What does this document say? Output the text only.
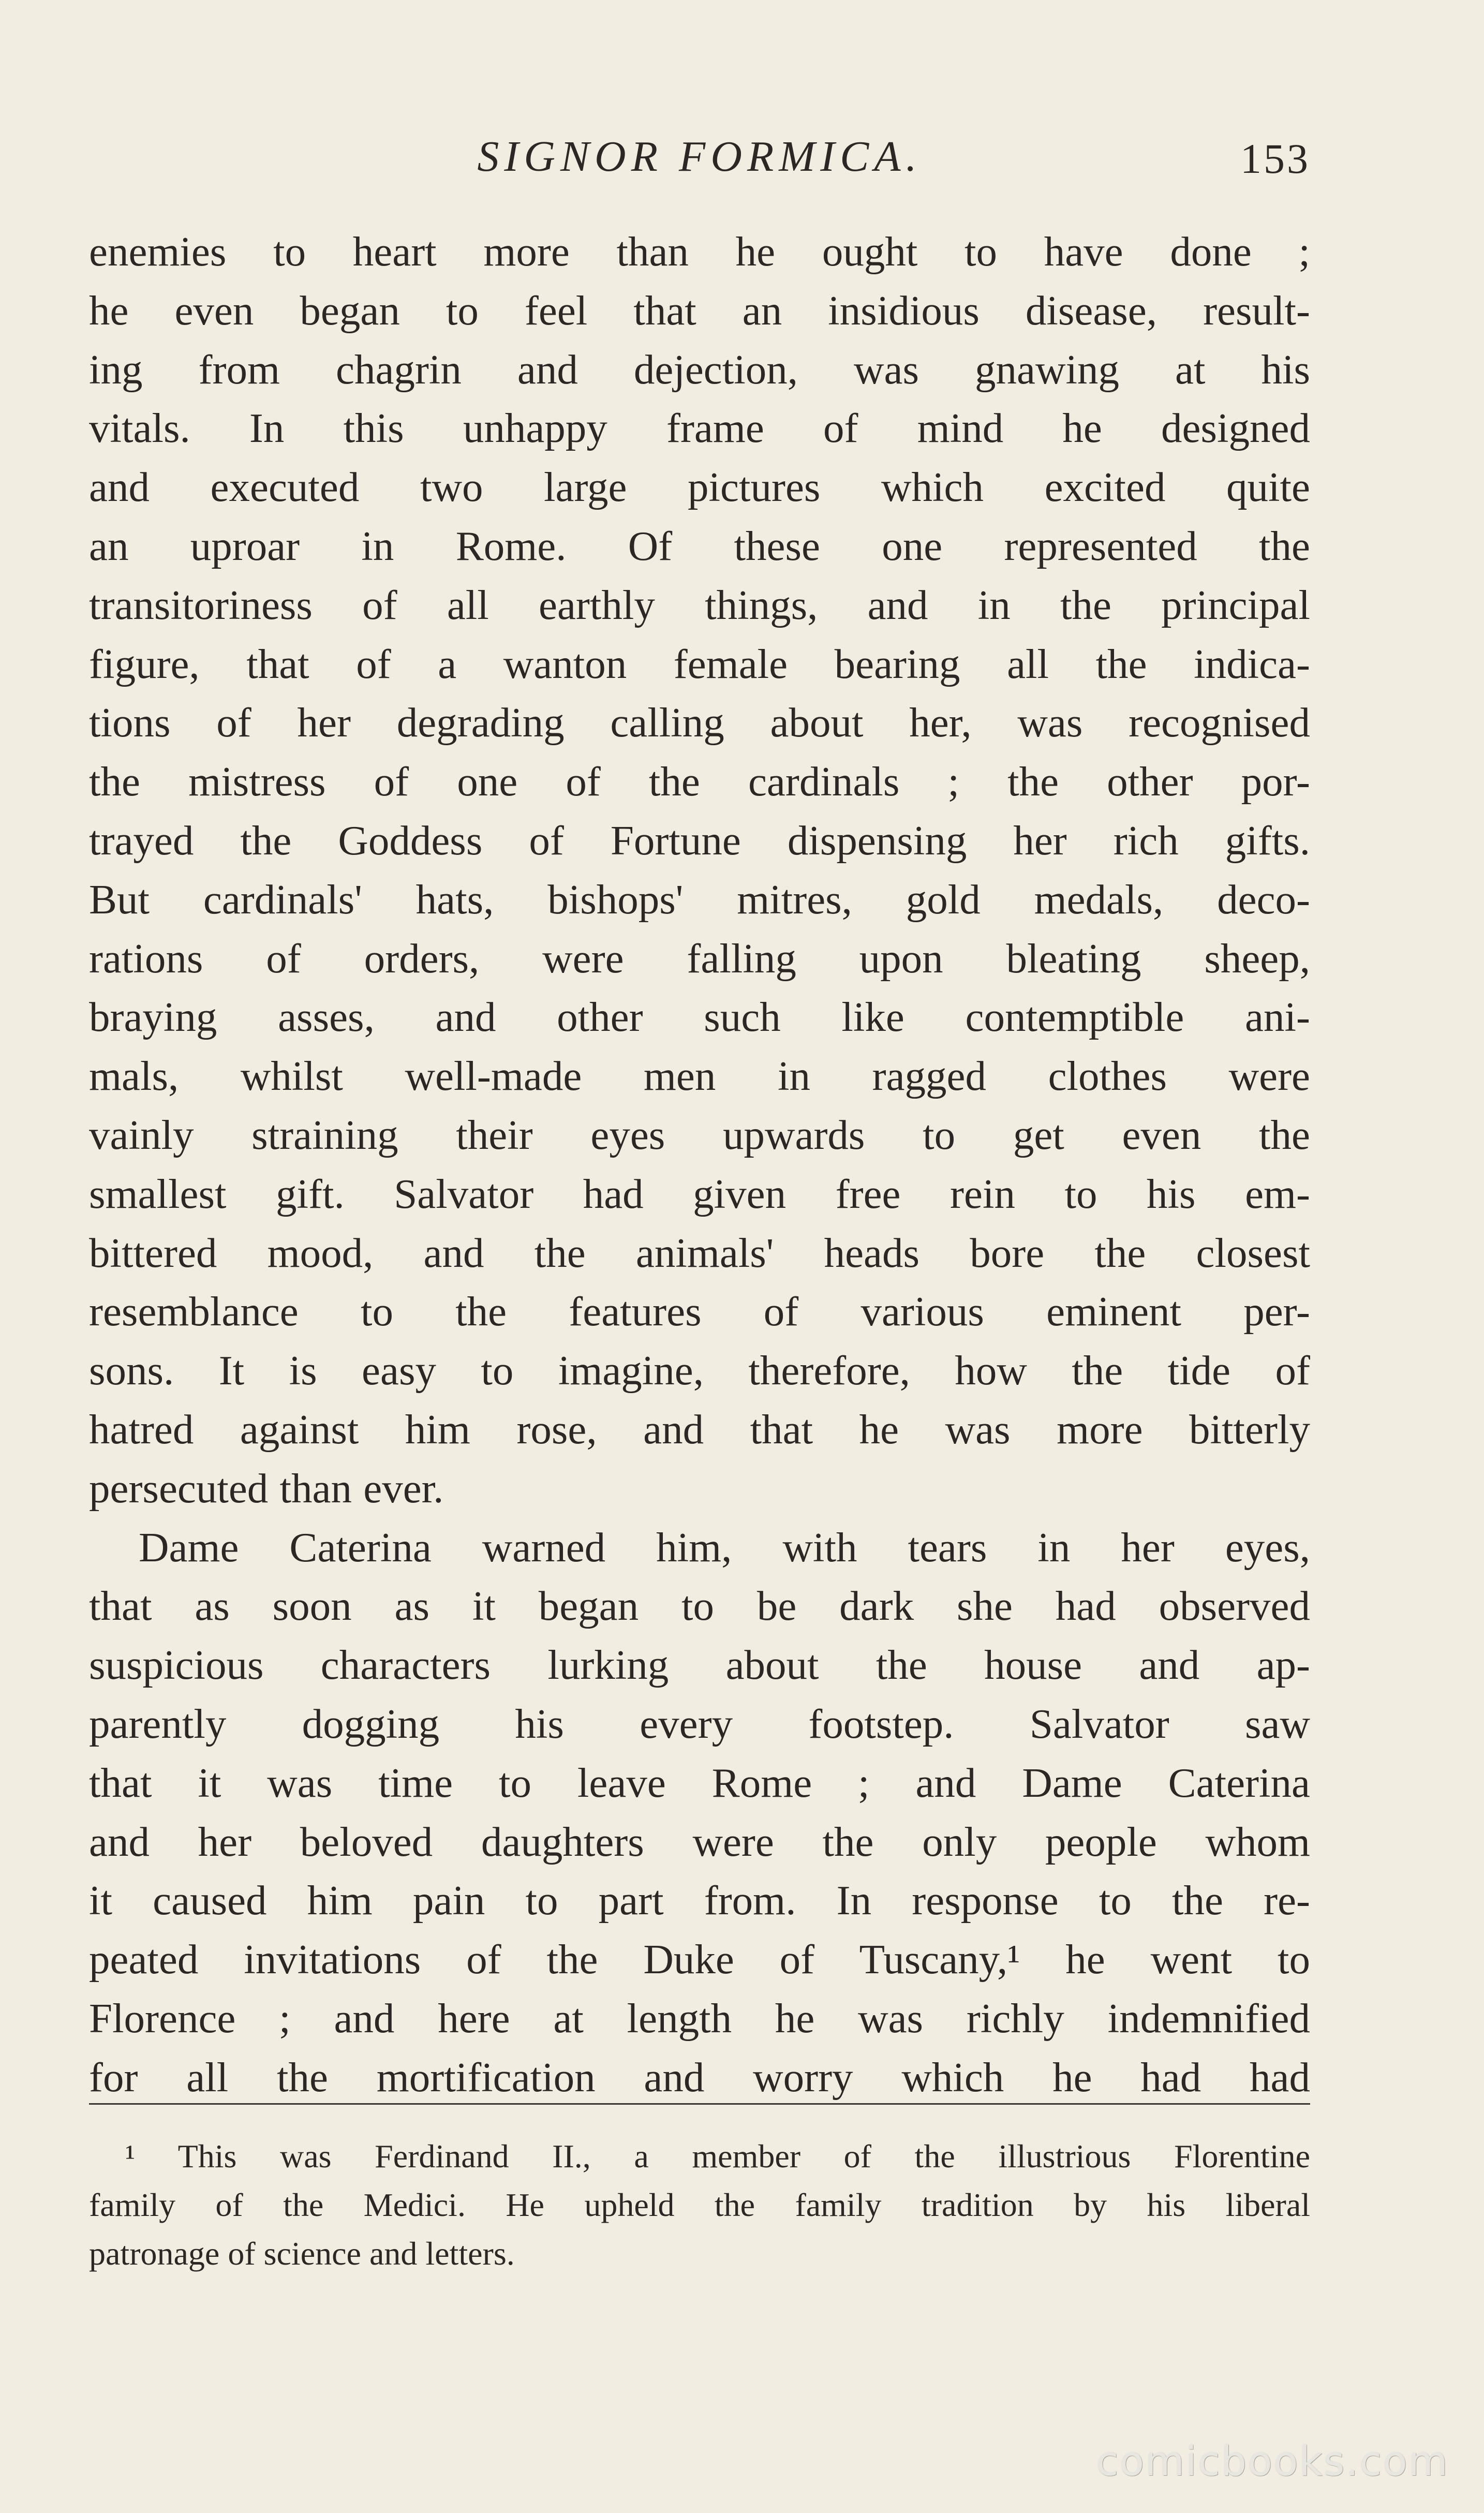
SIGNOR FORMICA.	153
enemies to heart more than he ought to have done ;
he even began to feel that an insidious disease, result-
ing from chagrin and dejection, was gnawing at his
vitals. In this unhappy frame of mind he designed
and executed two large pictures which excited quite
an uproar in Rome. Of these one represented the
transitoriness of all earthly things, and in the principal
figure, that of a wanton female bearing all the indica-
tions of her degrading calling about her, was recognised
the mistress of one of the cardinals ; the other por-
trayed the Goddess of Fortune dispensing her rich gifts.
But cardinals' hats, bishops' mitres, gold medals, deco-
rations of orders, were falling upon bleating sheep,
braying asses, and other such like contemptible ani-
mals, whilst well-made men in ragged clothes were
vainly straining their eyes upwards to get even the
smallest gift. Salvator had given free rein to his em-
bittered mood, and the animals' heads bore the closest
resemblance to the features of various eminent per-
sons. It is easy to imagine, therefore, how the tide of
hatred against him rose, and that he was more bitterly
persecuted than ever.
Dame Caterina warned him, with tears in her eyes,
that as soon as it began to be dark she had observed
suspicious characters lurking about the house and ap-
parently dogging his every footstep. Salvator saw
that it was time to leave Rome ; and Dame Caterina
and her beloved daughters were the only people whom
it caused him pain to part from. In response to the re-
peated invitations of the Duke of Tuscany,¹ he went to
Florence ; and here at length he was richly indemnified
for all the mortification and worry which he had had
¹ This was Ferdinand II., a member of the illustrious Florentine
family of the Medici. He upheld the family tradition by his liberal
patronage of science and letters.
comicbooks.com
